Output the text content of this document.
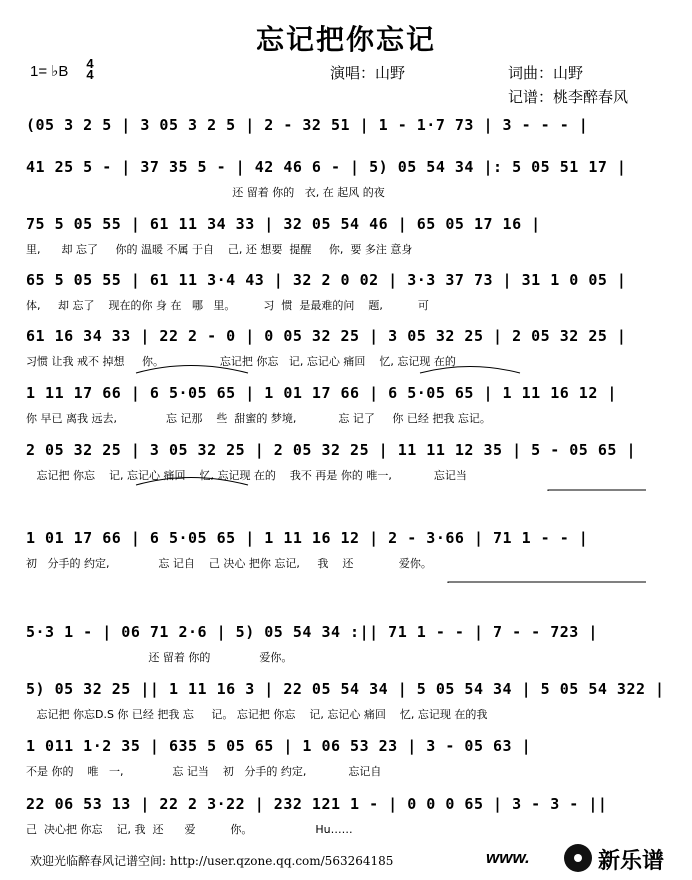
忘记把你忘记
1= ♭B 4
4	演唱：山野	词曲：山野
记谱：桃李醉春风
(05 3 2 5 | 3 05 3 2 5 | 2 - 32 51 | 1 - 1·7 73 | 3 - - - |
41 25 5 - | 37 35 5 - | 42 46 6 - | 5) 05 54 34 |: 5 05 51 17 |
还 留着 你的   衣, 在 起风 的夜
75 5 05 55 | 61 11 34 33 | 32 05 54 46 | 65 05 17 16 |
里,      却 忘了     你的 温暖 不属 于自    己, 还 想要  提醒     你,  要 多注 意身
65 5 05 55 | 61 11 3·4 43 | 32 2 0 02 | 3·3 37 73 | 31 1 0 05 |
体,     却 忘了    现在的你 身 在   哪   里。        习  惯  是最难的问    题,          可
61 16 34 33 | 22 2 - 0 | 0 05 32 25 | 3 05 32 25 | 2 05 32 25 |
习惯 让我 戒不 掉想     你。                忘记把 你忘   记, 忘记心 痛回    忆, 忘记现 在的
1 11 17 66 | 6 5·05 65 | 1 01 17 66 | 6 5·05 65 | 1 11 16 12 |
你 早已 离我 远去,              忘 记那    些  甜蜜的 梦境,            忘 记了     你 已经 把我 忘记。
2 05 32 25 | 3 05 32 25 | 2 05 32 25 | 11 11 12 35 | 5 - 05 65 |
忘记把 你忘    记, 忘记心 痛回    忆, 忘记现 在的    我不 再是 你的 唯一,            忘记当
1 01 17 66 | 6 5·05 65 | 1 11 16 12 | 2 - 3·66 | 71 1 - - |
初   分手的 约定,              忘 记自    己 决心 把你 忘记,     我    还             爱你。
5·3 1 - | 06 71 2·6 | 5) 05 54 34 :|| 71 1 - - | 7 - - 723 |
还 留着 你的              爱你。
5) 05 32 25 || 1 11 16 3 | 22 05 54 34 | 5 05 54 34 | 5 05 54 322 |
忘记把 你忘D.S 你 已经 把我 忘     记。 忘记把 你忘    记, 忘记心 痛回    忆, 忘记现 在的我
1 011 1·2 35 | 635 5 05 65 | 1 06 53 23 | 3 - 05 63 |
不是 你的    唯   一,              忘 记当    初   分手的 约定,            忘记自
22 06 53 13 | 22 2 3·22 | 232 121 1 - | 0 0 0 65 | 3 - 3 - ||
己  决心把 你忘    记, 我  还      爱          你。                  Hu……
欢迎光临醉春风记谱空间: http://user.qzone.qq.com/563264185	www.	新乐谱
